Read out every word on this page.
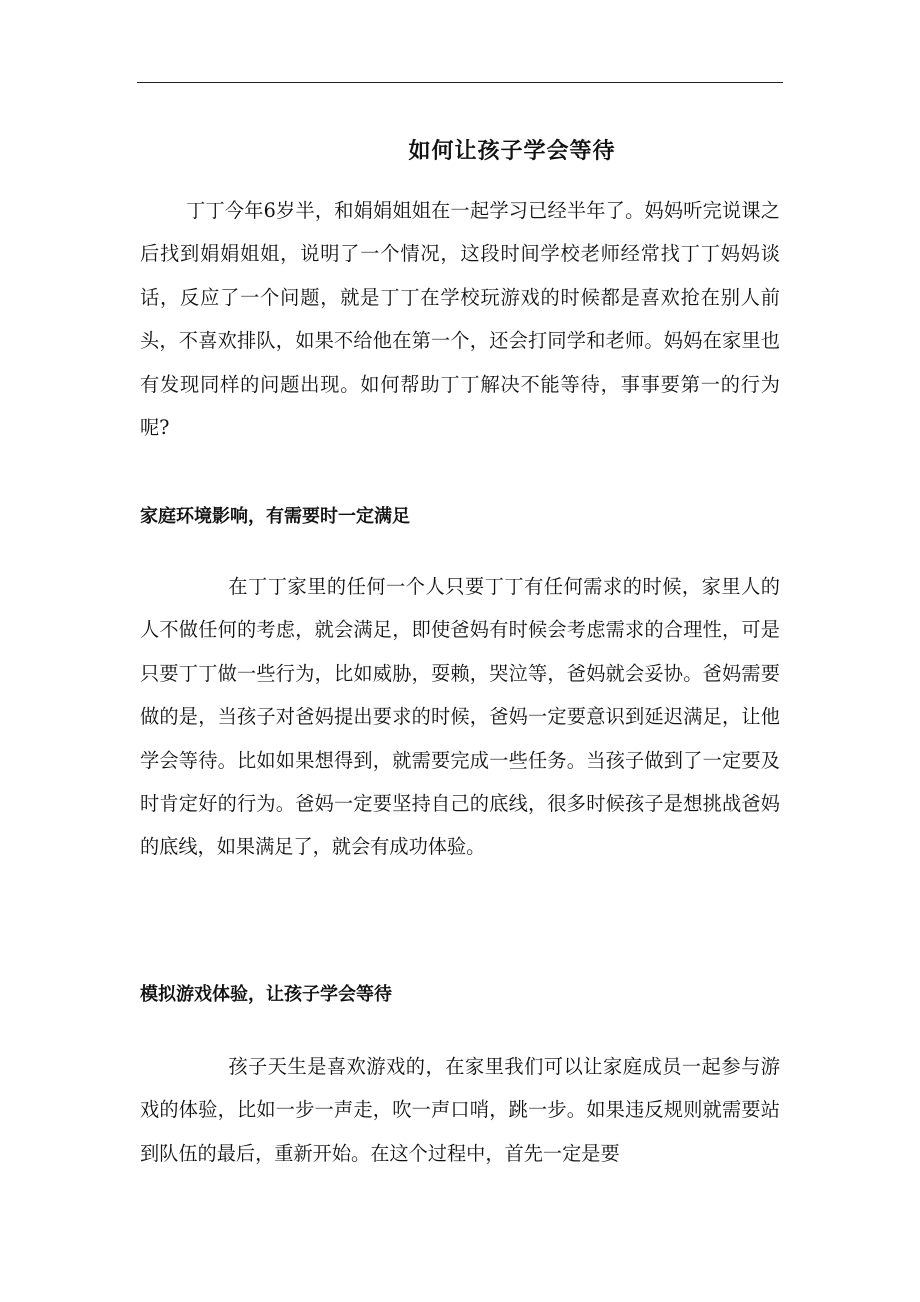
如何让孩子学会等待

丁丁今年6岁半，和娟娟姐姐在一起学习已经半年了。妈妈听完说课之后找到娟娟姐姐，说明了一个情况，这段时间学校老师经常找丁丁妈妈谈话，反应了一个问题，就是丁丁在学校玩游戏的时候都是喜欢抢在别人前头，不喜欢排队，如果不给他在第一个，还会打同学和老师。妈妈在家里也有发现同样的问题出现。如何帮助丁丁解决不能等待，事事要第一的行为呢?

家庭环境影响，有需要时一定满足

在丁丁家里的任何一个人只要丁丁有任何需求的时候，家里人的人不做任何的考虑，就会满足，即使爸妈有时候会考虑需求的合理性，可是只要丁丁做一些行为，比如威胁，耍赖，哭泣等，爸妈就会妥协。爸妈需要做的是，当孩子对爸妈提出要求的时候，爸妈一定要意识到延迟满足，让他学会等待。比如如果想得到，就需要完成一些任务。当孩子做到了一定要及时肯定好的行为。爸妈一定要坚持自己的底线，很多时候孩子是想挑战爸妈的底线，如果满足了，就会有成功体验。

模拟游戏体验，让孩子学会等待

孩子天生是喜欢游戏的，在家里我们可以让家庭成员一起参与游戏的体验，比如一步一声走，吹一声口哨，跳一步。如果违反规则就需要站到队伍的最后，重新开始。在这个过程中，首先一定是要
